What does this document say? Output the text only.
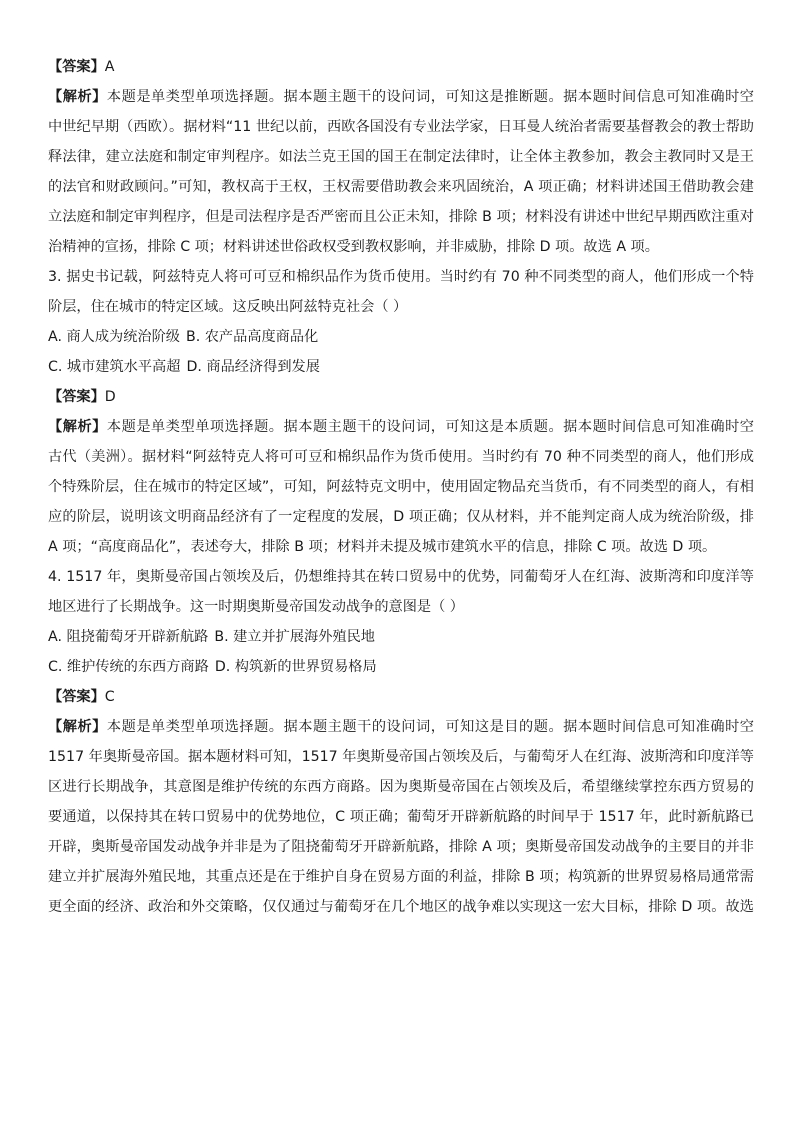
【答案】A
【解析】本题是单类型单项选择题。据本题主题干的设问词，可知这是推断题。据本题时间信息可知准确时空
中世纪早期（西欧）。据材料“11 世纪以前，西欧各国没有专业法学家，日耳曼人统治者需要基督教会的教士帮助
释法律，建立法庭和制定审判程序。如法兰克王国的国王在制定法律时，让全体主教参加，教会主教同时又是王
的法官和财政顾问。”可知，教权高于王权，王权需要借助教会来巩固统治，A 项正确；材料讲述国王借助教会建
立法庭和制定审判程序，但是司法程序是否严密而且公正未知，排除 B 项；材料没有讲述中世纪早期西欧注重对
治精神的宣扬，排除 C 项；材料讲述世俗政权受到教权影响，并非威胁，排除 D 项。故选 A 项。
3. 据史书记载，阿兹特克人将可可豆和棉织品作为货币使用。当时约有 70 种不同类型的商人，他们形成一个特
阶层，住在城市的特定区域。这反映出阿兹特克社会（ ）
A. 商人成为统治阶级 B. 农产品高度商品化
C. 城市建筑水平高超 D. 商品经济得到发展
【答案】D
【解析】本题是单类型单项选择题。据本题主题干的设问词，可知这是本质题。据本题时间信息可知准确时空
古代（美洲）。据材料“阿兹特克人将可可豆和棉织品作为货币使用。当时约有 70 种不同类型的商人，他们形成
个特殊阶层，住在城市的特定区域”，可知，阿兹特克文明中，使用固定物品充当货币，有不同类型的商人，有相
应的阶层，说明该文明商品经济有了一定程度的发展，D 项正确；仅从材料，并不能判定商人成为统治阶级，排
A 项；“高度商品化”，表述夸大，排除 B 项；材料并未提及城市建筑水平的信息，排除 C 项。故选 D 项。
4. 1517 年，奥斯曼帝国占领埃及后，仍想维持其在转口贸易中的优势，同葡萄牙人在红海、波斯湾和印度洋等
地区进行了长期战争。这一时期奥斯曼帝国发动战争的意图是（ ）
A. 阻挠葡萄牙开辟新航路 B. 建立并扩展海外殖民地
C. 维护传统的东西方商路 D. 构筑新的世界贸易格局
【答案】C
【解析】本题是单类型单项选择题。据本题主题干的设问词，可知这是目的题。据本题时间信息可知准确时空
1517 年奥斯曼帝国。据本题材料可知，1517 年奥斯曼帝国占领埃及后，与葡萄牙人在红海、波斯湾和印度洋等
区进行长期战争，其意图是维护传统的东西方商路。因为奥斯曼帝国在占领埃及后，希望继续掌控东西方贸易的
要通道，以保持其在转口贸易中的优势地位，C 项正确；葡萄牙开辟新航路的时间早于 1517 年，此时新航路已
开辟，奥斯曼帝国发动战争并非是为了阻挠葡萄牙开辟新航路，排除 A 项；奥斯曼帝国发动战争的主要目的并非
建立并扩展海外殖民地，其重点还是在于维护自身在贸易方面的利益，排除 B 项；构筑新的世界贸易格局通常需
更全面的经济、政治和外交策略，仅仅通过与葡萄牙在几个地区的战争难以实现这一宏大目标，排除 D 项。故选
